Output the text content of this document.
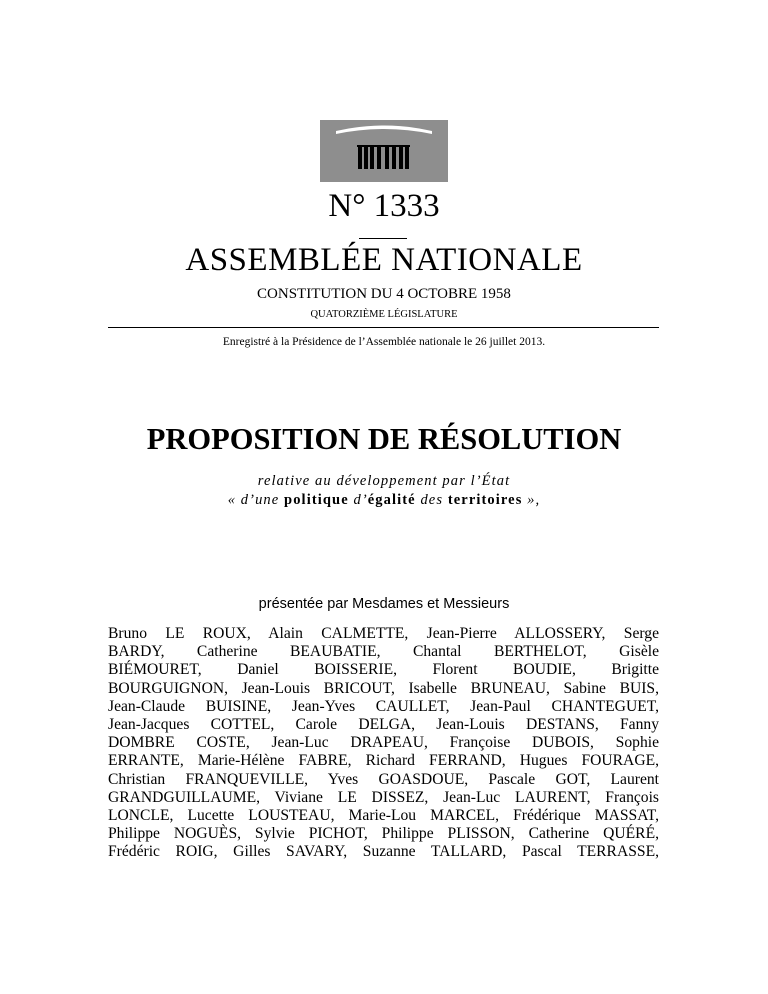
N° 1333
ASSEMBLÉE NATIONALE
CONSTITUTION DU 4 OCTOBRE 1958
QUATORZIÈME LÉGISLATURE
Enregistré à la Présidence de l’Assemblée nationale le 26 juillet 2013.
PROPOSITION DE RÉSOLUTION
relative au développement par l’État
« d’une politique d’égalité des territoires »,
présentée par Mesdames et Messieurs
Bruno LE ROUX, Alain CALMETTE, Jean-Pierre ALLOSSERY, Serge
BARDY, Catherine BEAUBATIE, Chantal BERTHELOT, Gisèle
BIÉMOURET, Daniel BOISSERIE, Florent BOUDIE, Brigitte
BOURGUIGNON, Jean-Louis BRICOUT, Isabelle BRUNEAU, Sabine BUIS,
Jean-Claude BUISINE, Jean-Yves CAULLET, Jean-Paul CHANTEGUET,
Jean-Jacques COTTEL, Carole DELGA, Jean-Louis DESTANS, Fanny
DOMBRE COSTE, Jean-Luc DRAPEAU, Françoise DUBOIS, Sophie
ERRANTE, Marie-Hélène FABRE, Richard FERRAND, Hugues FOURAGE,
Christian FRANQUEVILLE, Yves GOASDOUE, Pascale GOT, Laurent
GRANDGUILLAUME, Viviane LE DISSEZ, Jean-Luc LAURENT, François
LONCLE, Lucette LOUSTEAU, Marie-Lou MARCEL, Frédérique MASSAT,
Philippe NOGUÈS, Sylvie PICHOT, Philippe PLISSON, Catherine QUÉRÉ,
Frédéric ROIG, Gilles SAVARY, Suzanne TALLARD, Pascal TERRASSE,
